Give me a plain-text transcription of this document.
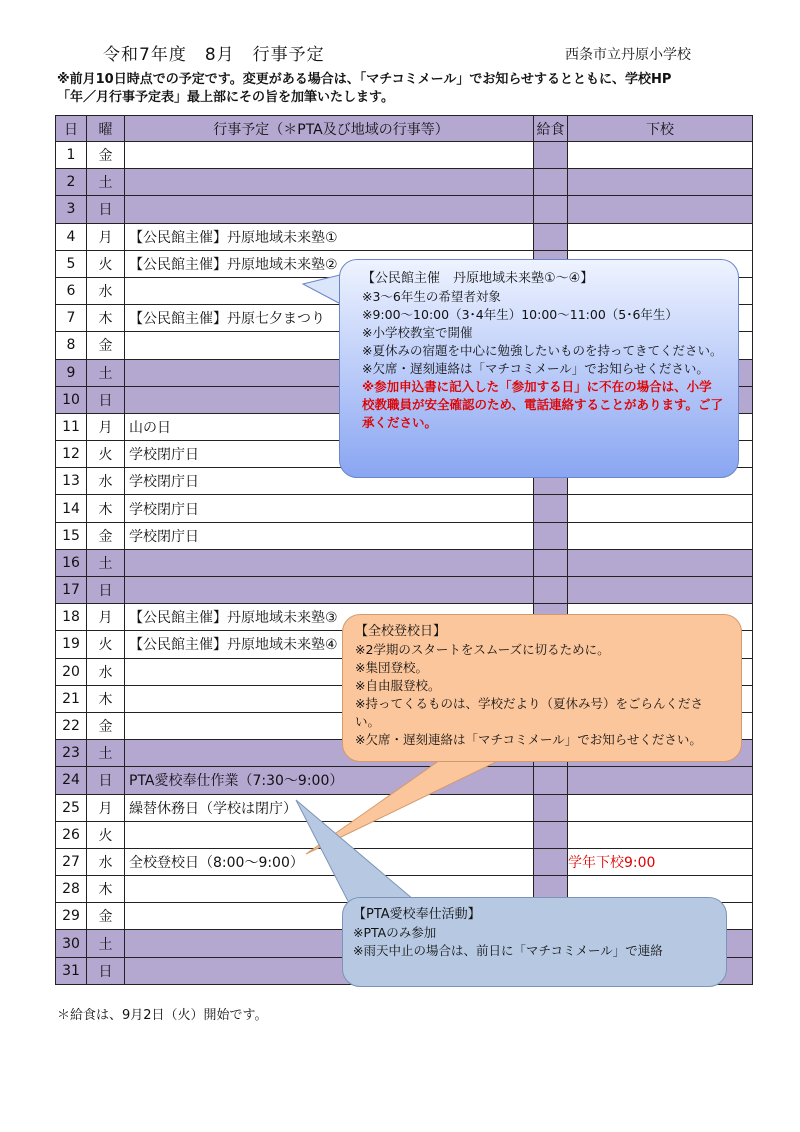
令和7年度　8月　行事予定	西条市立丹原小学校
※前月10日時点での予定です。変更がある場合は、「マチコミメール」でお知らせするとともに、学校HP
「年／月行事予定表」最上部にその旨を加筆いたします。
日	曜	行事予定（＊PTA及び地域の行事等）	給食	下校
1	金			
2	土			
3	日			
4	月	【公民館主催】丹原地域未来塾①		
5	火	【公民館主催】丹原地域未来塾②		
6	水			
7	木	【公民館主催】丹原七夕まつり		
8	金			
9	土			
10	日			
11	月	山の日		
12	火	学校閉庁日		
13	水	学校閉庁日		
14	木	学校閉庁日		
15	金	学校閉庁日		
16	土			
17	日			
18	月	【公民館主催】丹原地域未来塾③		
19	火	【公民館主催】丹原地域未来塾④		
20	水			
21	木			
22	金			
23	土			
24	日	PTA愛校奉仕作業（7:30～9:00）		
25	月	繰替休務日（学校は閉庁）		
26	火			
27	水	全校登校日（8:00～9:00）		学年下校9:00
28	木			
29	金			
30	土			
31	日			
【公民館主催　丹原地域未来塾①～④】
※3～6年生の希望者対象
※9:00～10:00（3･4年生）10:00～11:00（5･6年生）
※小学校教室で開催
※夏休みの宿題を中心に勉強したいものを持ってきてください。
※欠席・遅刻連絡は「マチコミメール」でお知らせください。
※参加申込書に記入した「参加する日」に不在の場合は、小学校教職員が安全確認のため、電話連絡することがあります。ご了承ください。
【全校登校日】
※2学期のスタートをスムーズに切るために。
※集団登校。
※自由服登校。
※持ってくるものは、学校だより（夏休み号）をごらんください。
※欠席・遅刻連絡は「マチコミメール」でお知らせください。
【PTA愛校奉仕活動】
※PTAのみ参加
※雨天中止の場合は、前日に「マチコミメール」で連絡
＊給食は、9月2日（火）開始です。
